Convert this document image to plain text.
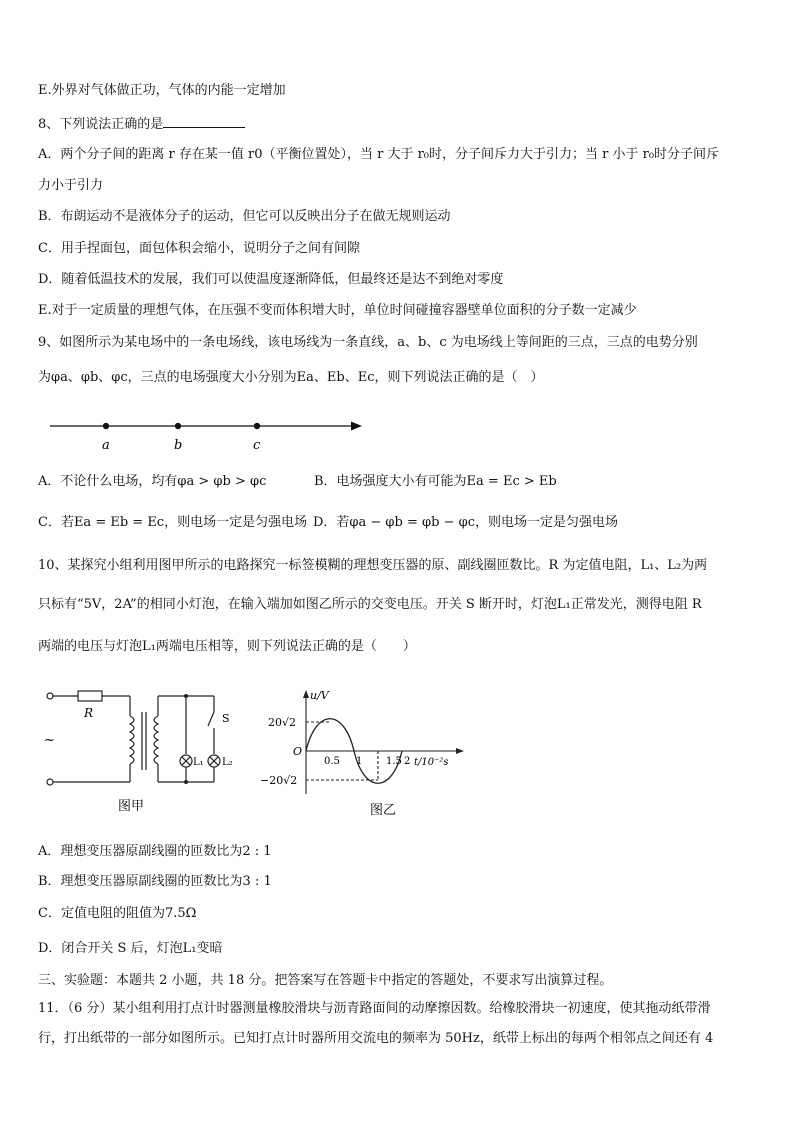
E.外界对气体做正功，气体的内能一定增加
8、下列说法正确的是
A．两个分子间的距离 r 存在某一值 r0（平衡位置处），当 r 大于 r₀时，分子间斥力大于引力；当 r 小于 r₀时分子间斥
力小于引力
B．布朗运动不是液体分子的运动，但它可以反映出分子在做无规则运动
C．用手捏面包，面包体积会缩小，说明分子之间有间隙
D．随着低温技术的发展，我们可以使温度逐渐降低，但最终还是达不到绝对零度
E.对于一定质量的理想气体，在压强不变而体积增大时，单位时间碰撞容器壁单位面积的分子数一定减少
9、如图所示为某电场中的一条电场线，该电场线为一条直线，a、b、c 为电场线上等间距的三点，三点的电势分别
为φa、φb、φc，三点的电场强度大小分别为Ea、Eb、Ec，则下列说法正确的是（　）
a	b	c
A．不论什么电场，均有φa > φb > φc	B．电场强度大小有可能为Ea = Ec > Eb
C．若Ea = Eb = Ec，则电场一定是匀强电场 D．若φa − φb = φb − φc，则电场一定是匀强电场
10、某探究小组利用图甲所示的电路探究一标签模糊的理想变压器的原、副线圈匝数比。R 为定值电阻，L₁、L₂为两
只标有“5V，2A”的相同小灯泡，在输入端加如图乙所示的交变电压。开关 S 断开时，灯泡L₁正常发光，测得电阻 R
两端的电压与灯泡L₁两端电压相等，则下列说法正确的是（　　）
R
~
L₁ L₂
S
图甲
u/V
20√2
−20√2
O
0.5 1 1.5 2 t/10⁻²s
图乙
A．理想变压器原副线圈的匝数比为2 : 1
B．理想变压器原副线圈的匝数比为3 : 1
C．定值电阻的阻值为7.5Ω
D．闭合开关 S 后，灯泡L₁变暗
三、实验题：本题共 2 小题，共 18 分。把答案写在答题卡中指定的答题处，不要求写出演算过程。
11．（6 分）某小组利用打点计时器测量橡胶滑块与沥青路面间的动摩擦因数。给橡胶滑块一初速度，使其拖动纸带滑
行，打出纸带的一部分如图所示。已知打点计时器所用交流电的频率为 50Hz，纸带上标出的每两个相邻点之间还有 4
